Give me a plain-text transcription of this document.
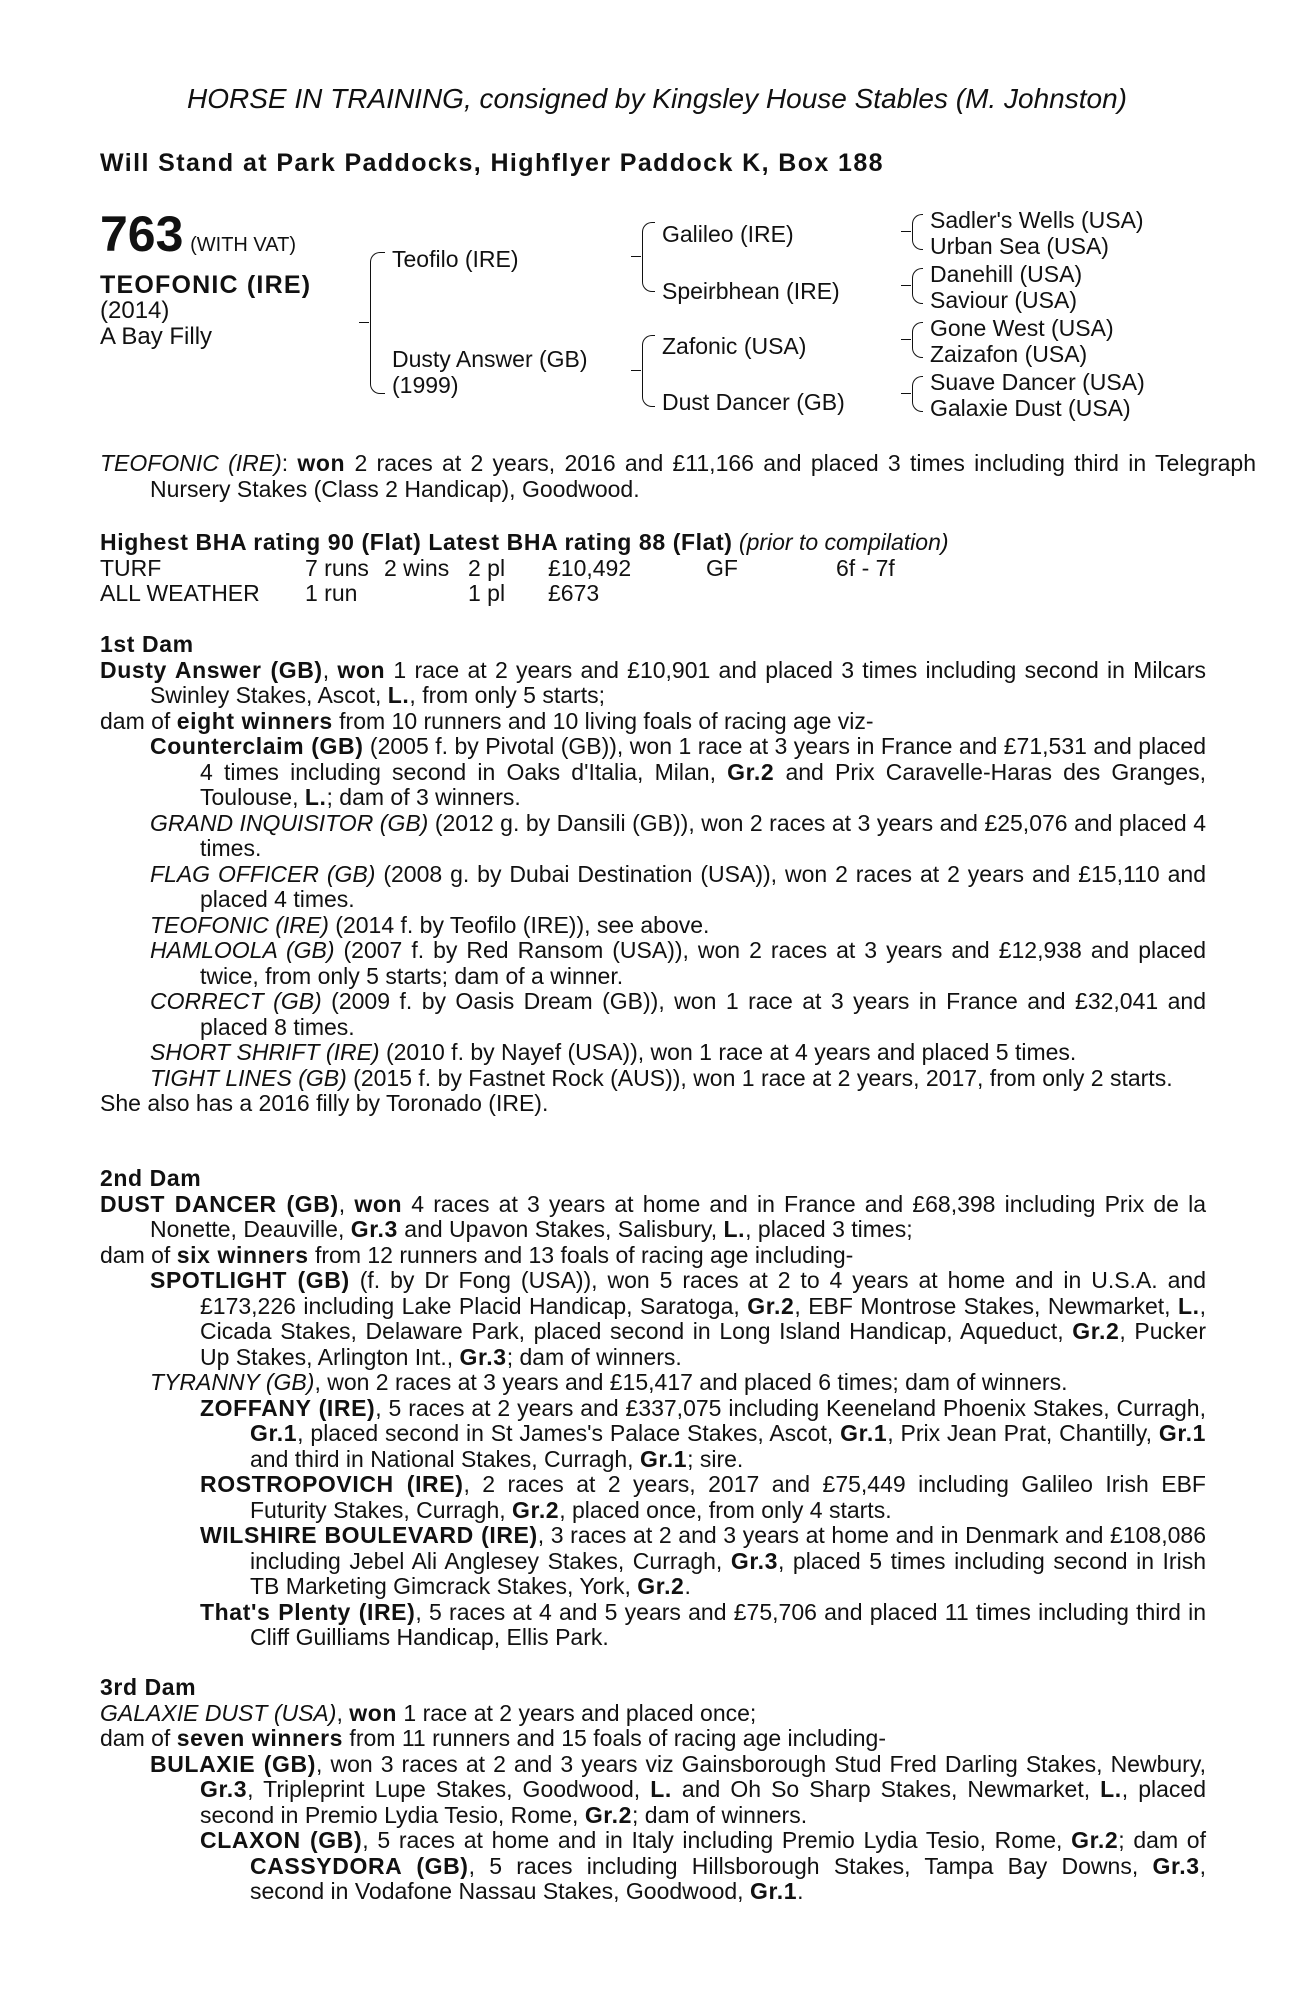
HORSE IN TRAINING, consigned by Kingsley House Stables (M. Johnston)
Will Stand at Park Paddocks, Highflyer Paddock K, Box 188
763 (WITH VAT)
TEOFONIC (IRE)
(2014)
A Bay Filly
Teofilo (IRE)
Dusty Answer (GB)
(1999)
Galileo (IRE)
Speirbhean (IRE)
Zafonic (USA)
Dust Dancer (GB)
Sadler's Wells (USA)
Urban Sea (USA)
Danehill (USA)
Saviour (USA)
Gone West (USA)
Zaizafon (USA)
Suave Dancer (USA)
Galaxie Dust (USA)
TEOFONIC (IRE): won 2 races at 2 years, 2016 and £11,166 and placed 3 times including third in Telegraph Nursery Stakes (Class 2 Handicap), Goodwood.
Highest BHA rating 90 (Flat) Latest BHA rating 88 (Flat) (prior to compilation)
TURF	7 runs 2 wins 2 pl £10,492	GF	6f - 7f
ALL WEATHER 1 run	1 pl £673
1st Dam
Dusty Answer (GB), won 1 race at 2 years and £10,901 and placed 3 times including second in Milcars Swinley Stakes, Ascot, L., from only 5 starts;
dam of eight winners from 10 runners and 10 living foals of racing age viz-
Counterclaim (GB) (2005 f. by Pivotal (GB)), won 1 race at 3 years in France and £71,531 and placed 4 times including second in Oaks d'Italia, Milan, Gr.2 and Prix Caravelle-Haras des Granges, Toulouse, L.; dam of 3 winners.
GRAND INQUISITOR (GB) (2012 g. by Dansili (GB)), won 2 races at 3 years and £25,076 and placed 4 times.
FLAG OFFICER (GB) (2008 g. by Dubai Destination (USA)), won 2 races at 2 years and £15,110 and placed 4 times.
TEOFONIC (IRE) (2014 f. by Teofilo (IRE)), see above.
HAMLOOLA (GB) (2007 f. by Red Ransom (USA)), won 2 races at 3 years and £12,938 and placed twice, from only 5 starts; dam of a winner.
CORRECT (GB) (2009 f. by Oasis Dream (GB)), won 1 race at 3 years in France and £32,041 and placed 8 times.
SHORT SHRIFT (IRE) (2010 f. by Nayef (USA)), won 1 race at 4 years and placed 5 times.
TIGHT LINES (GB) (2015 f. by Fastnet Rock (AUS)), won 1 race at 2 years, 2017, from only 2 starts.
She also has a 2016 filly by Toronado (IRE).
2nd Dam
DUST DANCER (GB), won 4 races at 3 years at home and in France and £68,398 including Prix de la Nonette, Deauville, Gr.3 and Upavon Stakes, Salisbury, L., placed 3 times;
dam of six winners from 12 runners and 13 foals of racing age including-
SPOTLIGHT (GB) (f. by Dr Fong (USA)), won 5 races at 2 to 4 years at home and in U.S.A. and £173,226 including Lake Placid Handicap, Saratoga, Gr.2, EBF Montrose Stakes, Newmarket, L., Cicada Stakes, Delaware Park, placed second in Long Island Handicap, Aqueduct, Gr.2, Pucker Up Stakes, Arlington Int., Gr.3; dam of winners.
TYRANNY (GB), won 2 races at 3 years and £15,417 and placed 6 times; dam of winners.
ZOFFANY (IRE), 5 races at 2 years and £337,075 including Keeneland Phoenix Stakes, Curragh, Gr.1, placed second in St James's Palace Stakes, Ascot, Gr.1, Prix Jean Prat, Chantilly, Gr.1 and third in National Stakes, Curragh, Gr.1; sire.
ROSTROPOVICH (IRE), 2 races at 2 years, 2017 and £75,449 including Galileo Irish EBF Futurity Stakes, Curragh, Gr.2, placed once, from only 4 starts.
WILSHIRE BOULEVARD (IRE), 3 races at 2 and 3 years at home and in Denmark and £108,086 including Jebel Ali Anglesey Stakes, Curragh, Gr.3, placed 5 times including second in Irish TB Marketing Gimcrack Stakes, York, Gr.2.
That's Plenty (IRE), 5 races at 4 and 5 years and £75,706 and placed 11 times including third in Cliff Guilliams Handicap, Ellis Park.
3rd Dam
GALAXIE DUST (USA), won 1 race at 2 years and placed once;
dam of seven winners from 11 runners and 15 foals of racing age including-
BULAXIE (GB), won 3 races at 2 and 3 years viz Gainsborough Stud Fred Darling Stakes, Newbury, Gr.3, Tripleprint Lupe Stakes, Goodwood, L. and Oh So Sharp Stakes, Newmarket, L., placed second in Premio Lydia Tesio, Rome, Gr.2; dam of winners.
CLAXON (GB), 5 races at home and in Italy including Premio Lydia Tesio, Rome, Gr.2; dam of CASSYDORA (GB), 5 races including Hillsborough Stakes, Tampa Bay Downs, Gr.3, second in Vodafone Nassau Stakes, Goodwood, Gr.1.
